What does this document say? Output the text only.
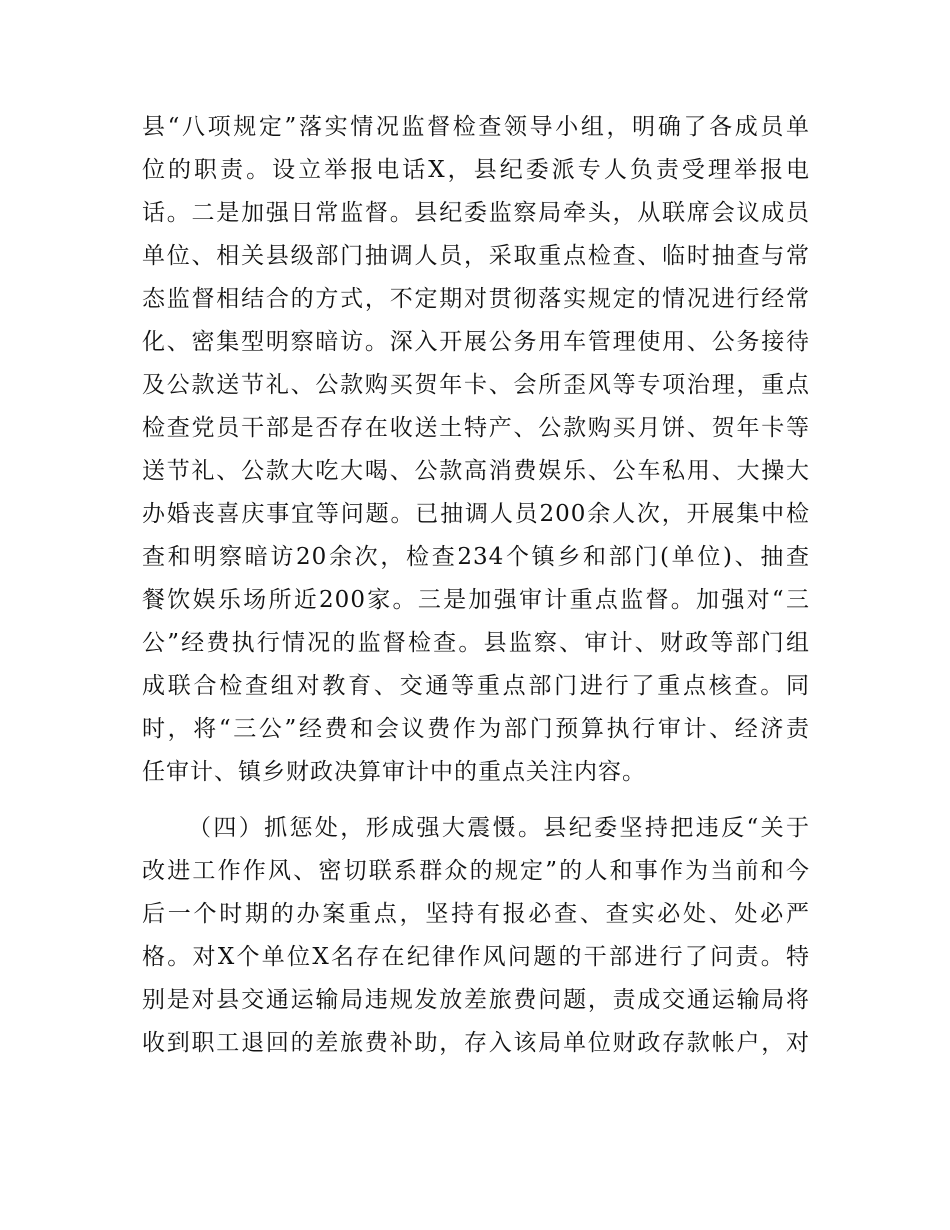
县“八项规定”落实情况监督检查领导小组，明确了各成员单
位的职责。设立举报电话X，县纪委派专人负责受理举报电
话。二是加强日常监督。县纪委监察局牵头，从联席会议成员
单位、相关县级部门抽调人员，采取重点检查、临时抽查与常
态监督相结合的方式，不定期对贯彻落实规定的情况进行经常
化、密集型明察暗访。深入开展公务用车管理使用、公务接待
及公款送节礼、公款购买贺年卡、会所歪风等专项治理，重点
检查党员干部是否存在收送土特产、公款购买月饼、贺年卡等
送节礼、公款大吃大喝、公款高消费娱乐、公车私用、大操大
办婚丧喜庆事宜等问题。已抽调人员200余人次，开展集中检
查和明察暗访20余次，检查234个镇乡和部门(单位)、抽查
餐饮娱乐场所近200家。三是加强审计重点监督。加强对“三
公”经费执行情况的监督检查。县监察、审计、财政等部门组
成联合检查组对教育、交通等重点部门进行了重点核查。同
时，将“三公”经费和会议费作为部门预算执行审计、经济责
任审计、镇乡财政决算审计中的重点关注内容。
（四）抓惩处，形成强大震慑。县纪委坚持把违反“关于
改进工作作风、密切联系群众的规定”的人和事作为当前和今
后一个时期的办案重点，坚持有报必查、查实必处、处必严
格。对X个单位X名存在纪律作风问题的干部进行了问责。特
别是对县交通运输局违规发放差旅费问题，责成交通运输局将
收到职工退回的差旅费补助，存入该局单位财政存款帐户，对
